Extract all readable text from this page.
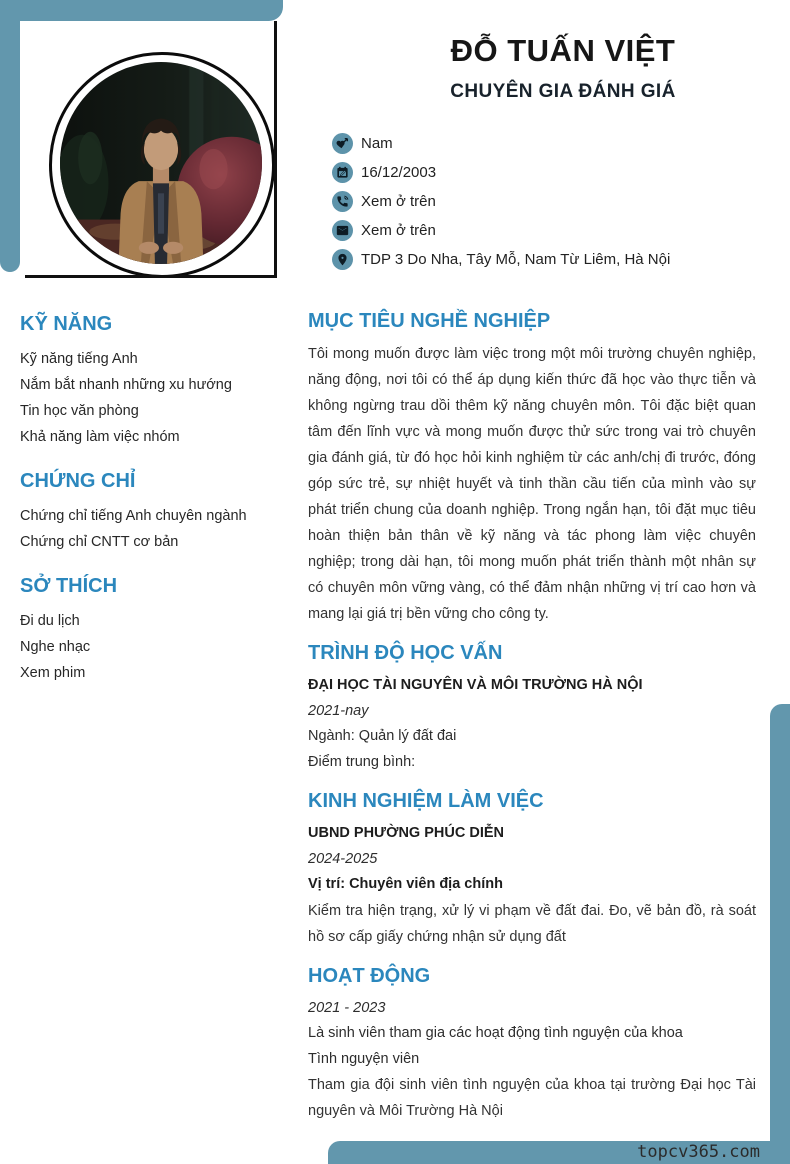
ĐỖ TUẤN VIỆT
CHUYÊN GIA ĐÁNH GIÁ
Nam
16/12/2003
Xem ở trên
Xem ở trên
TDP 3 Do Nha, Tây Mỗ, Nam Từ Liêm, Hà Nội
KỸ NĂNG
Kỹ năng tiếng Anh
Nắm bắt nhanh những xu hướng
Tin học văn phòng
Khả năng làm việc nhóm
CHỨNG CHỈ
Chứng chỉ tiếng Anh chuyên ngành
Chứng chỉ CNTT cơ bản
SỞ THÍCH
Đi du lịch
Nghe nhạc
Xem phim
MỤC TIÊU NGHỀ NGHIỆP
Tôi mong muốn được làm việc trong một môi trường chuyên nghiệp, năng động, nơi tôi có thể áp dụng kiến thức đã học vào thực tiễn và không ngừng trau dồi thêm kỹ năng chuyên môn. Tôi đặc biệt quan tâm đến lĩnh vực và mong muốn được thử sức trong vai trò chuyên gia đánh giá, từ đó học hỏi kinh nghiệm từ các anh/chị đi trước, đóng góp sức trẻ, sự nhiệt huyết và tinh thần cầu tiến của mình vào sự phát triển chung của doanh nghiệp. Trong ngắn hạn, tôi đặt mục tiêu hoàn thiện bản thân về kỹ năng và tác phong làm việc chuyên nghiệp; trong dài hạn, tôi mong muốn phát triển thành một nhân sự có chuyên môn vững vàng, có thể đảm nhận những vị trí cao hơn và mang lại giá trị bền vững cho công ty.
TRÌNH ĐỘ HỌC VẤN
ĐẠI HỌC TÀI NGUYÊN VÀ MÔI TRƯỜNG HÀ NỘI
2021-nay
Ngành: Quản lý đất đai
Điểm trung bình:
KINH NGHIỆM LÀM VIỆC
UBND PHƯỜNG PHÚC DIỄN
2024-2025
Vị trí: Chuyên viên địa chính
Kiểm tra hiện trạng, xử lý vi phạm về đất đai. Đo, vẽ bản đồ, rà soát hồ sơ cấp giấy chứng nhận sử dụng đất
HOẠT ĐỘNG
2021 - 2023
Là sinh viên tham gia các hoạt động tình nguyện của khoa
Tình nguyện viên
Tham gia đội sinh viên tình nguyện của khoa tại trường Đại học Tài nguyên và Môi Trường Hà Nội
topcv365.com
